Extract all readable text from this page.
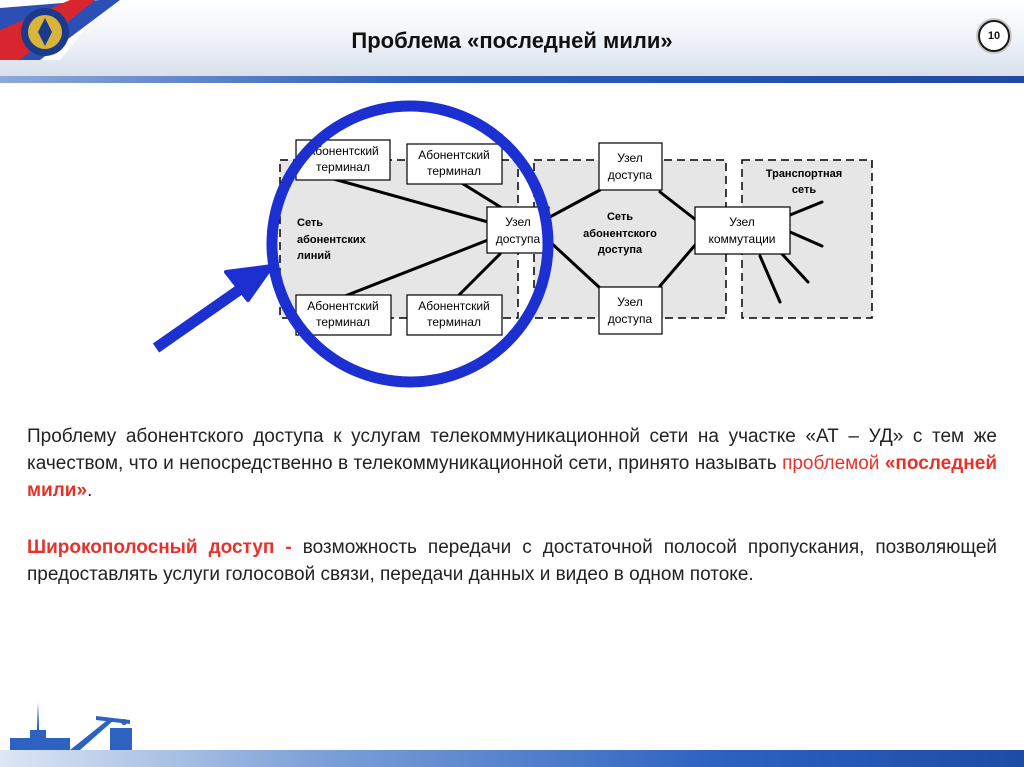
Проблема «последней мили»	10
Абонентский
терминал
Абонентский
терминал
Абонентский
терминал
Абонентский
терминал
Узел
доступа
Узел
доступа
Узел
доступа
Узел
коммутации
Сеть
абонентских
линий
Сеть
абонентского
доступа
Транспортная
сеть

Проблему абонентского доступа к услугам телекоммуникационной сети на участке «АТ – УД» с тем же качеством, что и непосредственно в телекоммуникационной сети, принято называть проблемой «последней мили».

Широкополосный доступ - возможность передачи с достаточной полосой пропускания, позволяющей предоставлять услуги голосовой связи, передачи данных и видео в одном потоке.
